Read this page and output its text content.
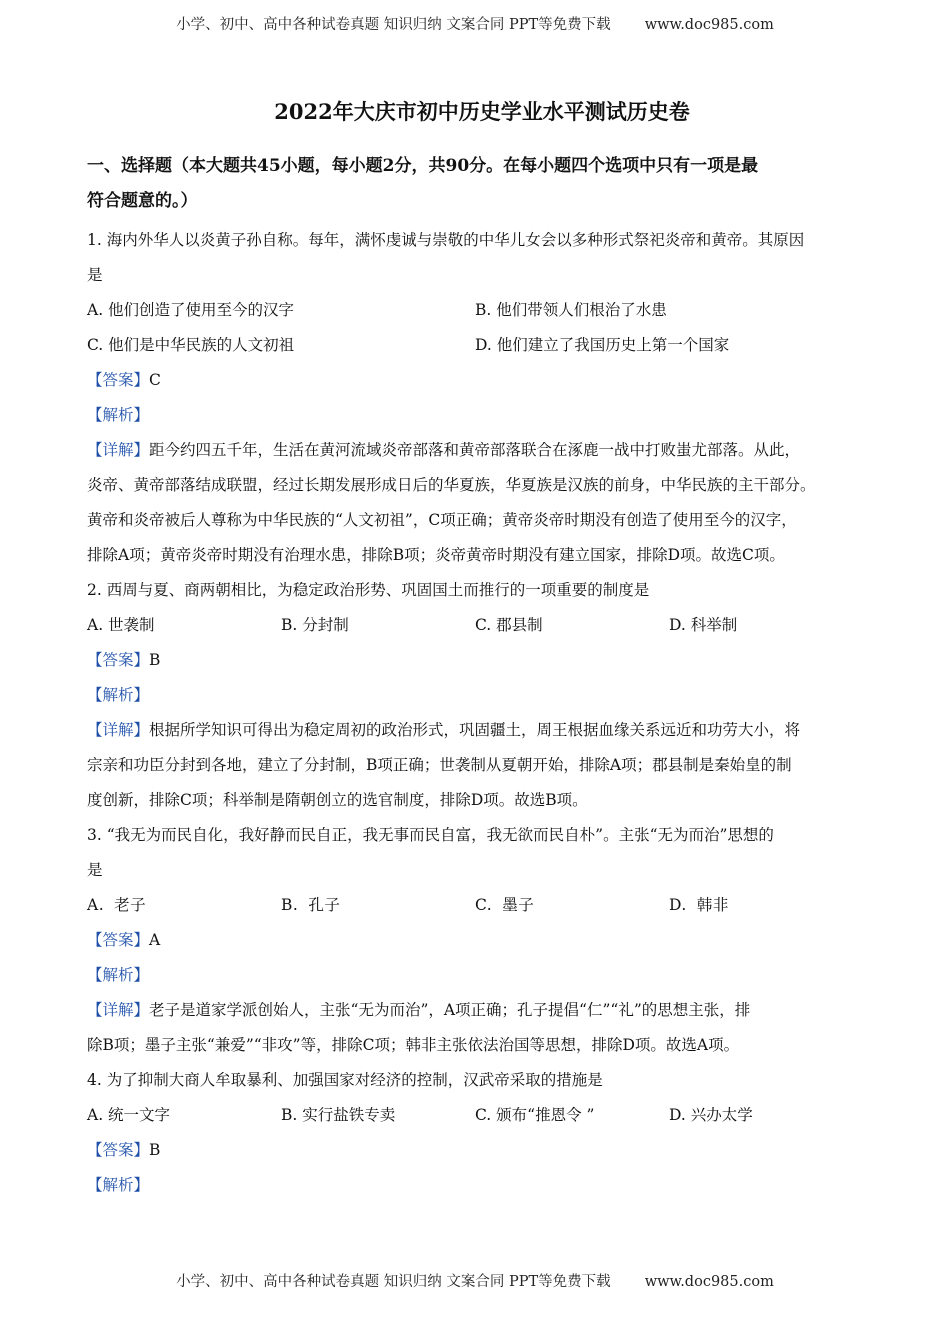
小学、初中、高中各种试卷真题 知识归纳 文案合同 PPT等免费下载 www.doc985.com
2022年大庆市初中历史学业水平测试历史卷
一、选择题（本大题共45小题，每小题2分，共90分。在每小题四个选项中只有一项是最
符合题意的。）

1. 海内外华人以炎黄子孙自称。每年，满怀虔诚与崇敬的中华儿女会以多种形式祭祀炎帝和黄帝。其原因

是

A. 他们创造了使用至今的汉字	B. 他们带领人们根治了水患
C. 他们是中华民族的人文初祖	D. 他们建立了我国历史上第一个国家

【答案】C

【解析】

【详解】距今约四五千年，生活在黄河流域炎帝部落和黄帝部落联合在涿鹿一战中打败蚩尤部落。从此，

炎帝、黄帝部落结成联盟，经过长期发展形成日后的华夏族，华夏族是汉族的前身，中华民族的主干部分。

黄帝和炎帝被后人尊称为中华民族的“人文初祖”，C项正确；黄帝炎帝时期没有创造了使用至今的汉字，

排除A项；黄帝炎帝时期没有治理水患，排除B项；炎帝黄帝时期没有建立国家，排除D项。故选C项。

2. 西周与夏、商两朝相比，为稳定政治形势、巩固国土而推行的一项重要的制度是

A. 世袭制	B. 分封制	C. 郡县制	D. 科举制

【答案】B

【解析】

【详解】根据所学知识可得出为稳定周初的政治形式，巩固疆土，周王根据血缘关系远近和功劳大小，将

宗亲和功臣分封到各地，建立了分封制，B项正确；世袭制从夏朝开始，排除A项；郡县制是秦始皇的制

度创新，排除C项；科举制是隋朝创立的选官制度，排除D项。故选B项。

3. “我无为而民自化，我好静而民自正，我无事而民自富，我无欲而民自朴”。主张“无为而治”思想的

是

A. 老子	B. 孔子	C. 墨子	D. 韩非

【答案】A

【解析】

【详解】老子是道家学派创始人，主张“无为而治”，A项正确；孔子提倡“仁”“礼”的思想主张，排

除B项；墨子主张“兼爱”“非攻”等，排除C项；韩非主张依法治国等思想，排除D项。故选A项。

4. 为了抑制大商人牟取暴利、加强国家对经济的控制，汉武帝采取的措施是

A. 统一文字	B. 实行盐铁专卖	C. 颁布“推恩令 ”	D. 兴办太学

【答案】B

【解析】

小学、初中、高中各种试卷真题 知识归纳 文案合同 PPT等免费下载 www.doc985.com
